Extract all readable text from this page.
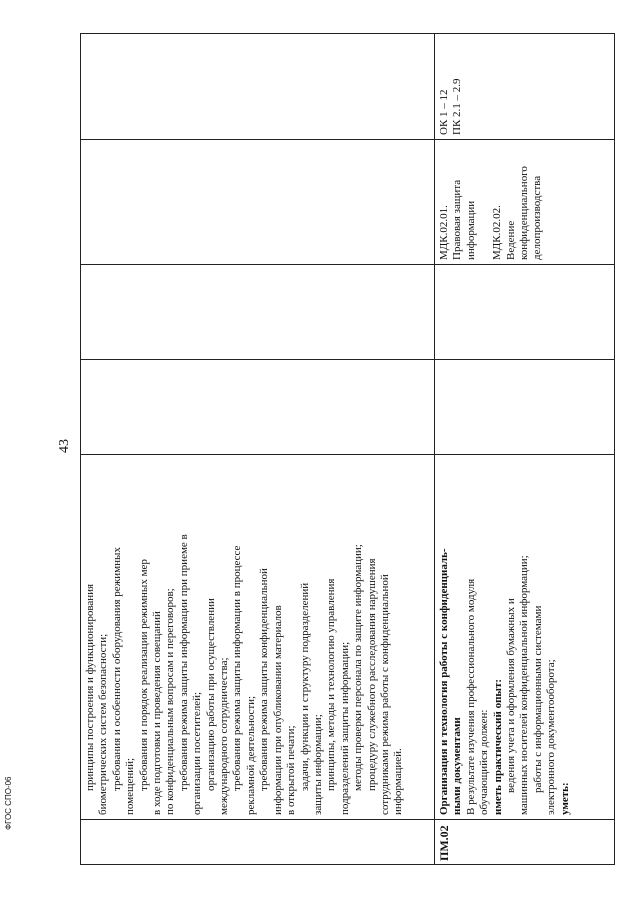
43
ФГОС СПО-06
принципы построения и функционирования биометрических систем безопасности; требования и особенности оборудования режимных помещений; требования и порядок реализации режимных мер в ходе подготовки и проведения совещаний по конфиденциальным вопросам и переговоров; требования режима защиты информации при приеме в организации посетителей; организацию работы при осуществлении международного сотрудничества; требования режима защиты информации в процессе рекламной деятельности; требования режима защиты конфиденциальной информации при опубликовании материалов в открытой печати; задачи, функции и структуру подразделений защиты информации; принципы, методы и технологию управления подразделений защиты информации; методы проверки персонала по защите информации; процедуру служебного расследования нарушения сотрудниками режима работы с конфиденциальной информацией.
ПМ.02
Организация и технология работы с конфиденциаль- ными документами В результате изучения профессионального модуля обучающийся должен: иметь практический опыт: ведения учета и оформления бумажных и машинных носителей конфиденциальной информации; работы с информационными системами электронного документооборота; уметь:
МДК.02.01. Правовая защита информации МДК.02.02. Ведение конфиденциального делопроизводства
ОК 1 – 12 ПК 2.1 – 2.9
